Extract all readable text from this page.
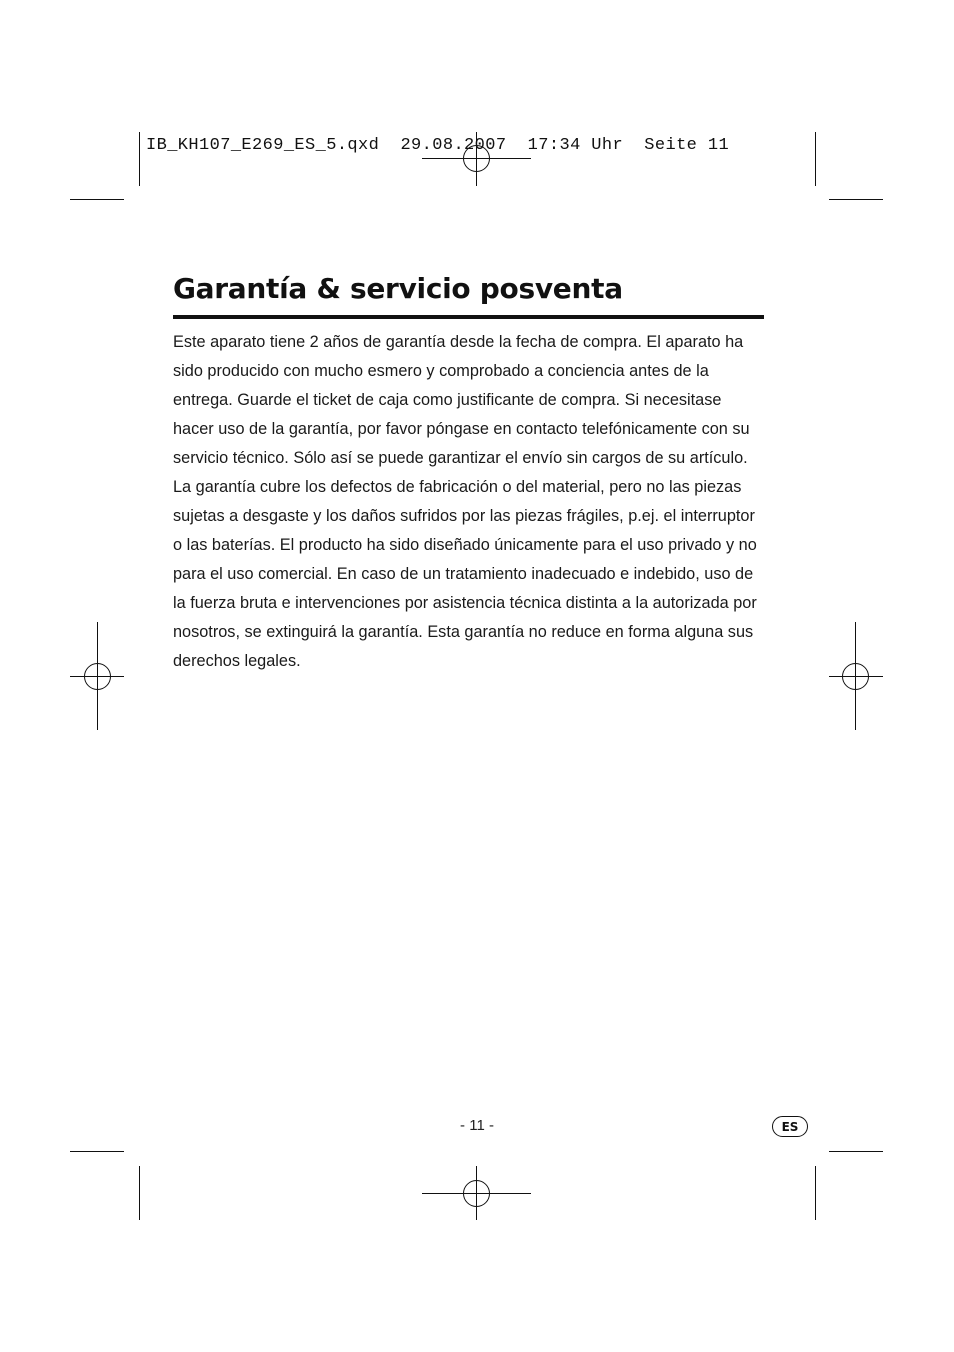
IB_KH107_E269_ES_5.qxd  29.08.2007  17:34 Uhr  Seite 11
Garantía & servicio posventa

Este aparato tiene 2 años de garantía desde la fecha de compra. El aparato ha sido producido con mucho esmero y comprobado a conciencia antes de la entrega. Guarde el ticket de caja como justificante de compra. Si necesitase hacer uso de la garantía, por favor póngase en contacto telefónicamente con su servicio técnico. Sólo así se puede garantizar el envío sin cargos de su artículo.

La garantía cubre los defectos de fabricación o del material, pero no las piezas sujetas a desgaste y los daños sufridos por las piezas frágiles, p.ej. el interruptor o las baterías. El producto ha sido diseñado únicamente para el uso privado y no para el uso comercial. En caso de un tratamiento inadecuado e indebido, uso de la fuerza bruta e intervenciones por asistencia técnica distinta a la autorizada por nosotros, se extinguirá la garantía. Esta garantía no reduce en forma alguna sus derechos legales.

- 11 -	ES
